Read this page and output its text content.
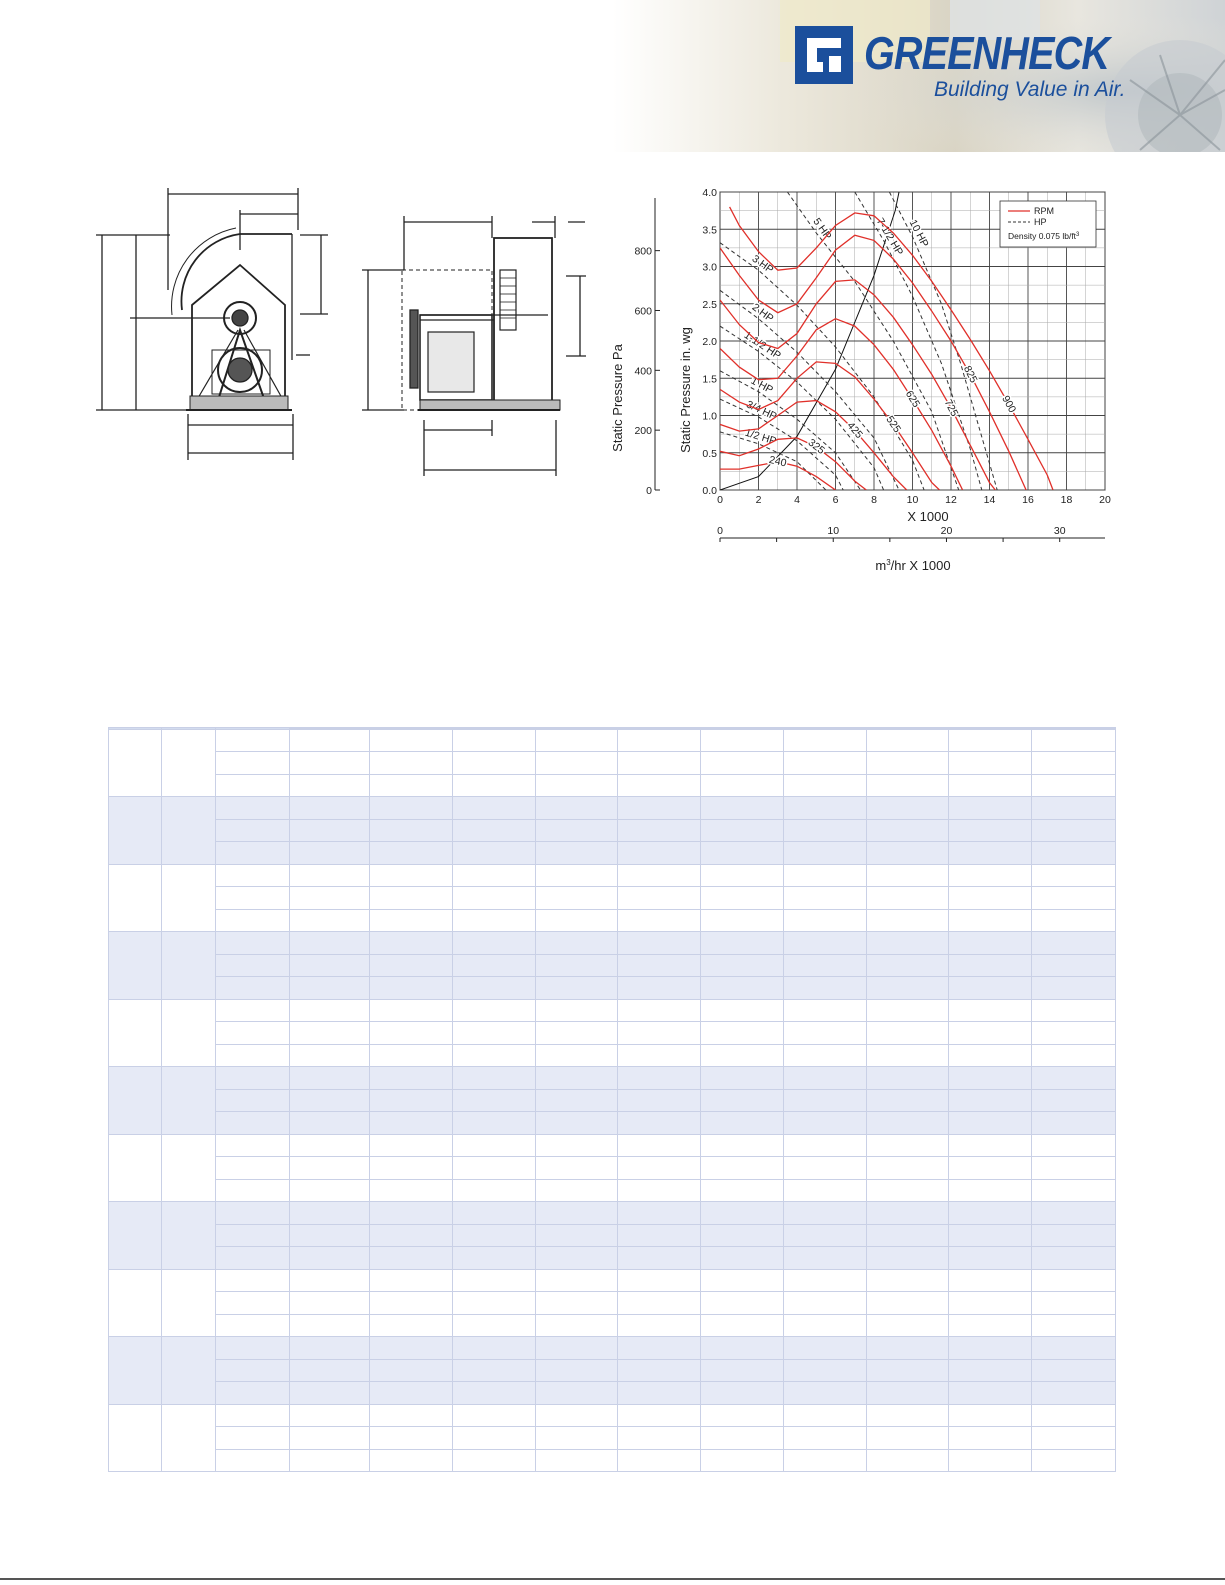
GREENHECK
Building Value in Air.
1/2 HP
3/4 HP
1 HP
1-1/2 HP
2 HP
3 HP
5 HP	7-1/2 HP 10 HP
240
325
425 525
625 725
825
900
0	2	4	6	8	10	12	14	16	18	20
0.0
0.5
1.0
1.5
2.0
2.5
3.0
3.5
4.0
0
200
400
600
800
0	10	20	30
Static Pressure in. wg
Static Pressure Pa
X 1000
$m^3/hr$ X 1000
RPM
HP
Density 0.075 $lb/ft^3$
